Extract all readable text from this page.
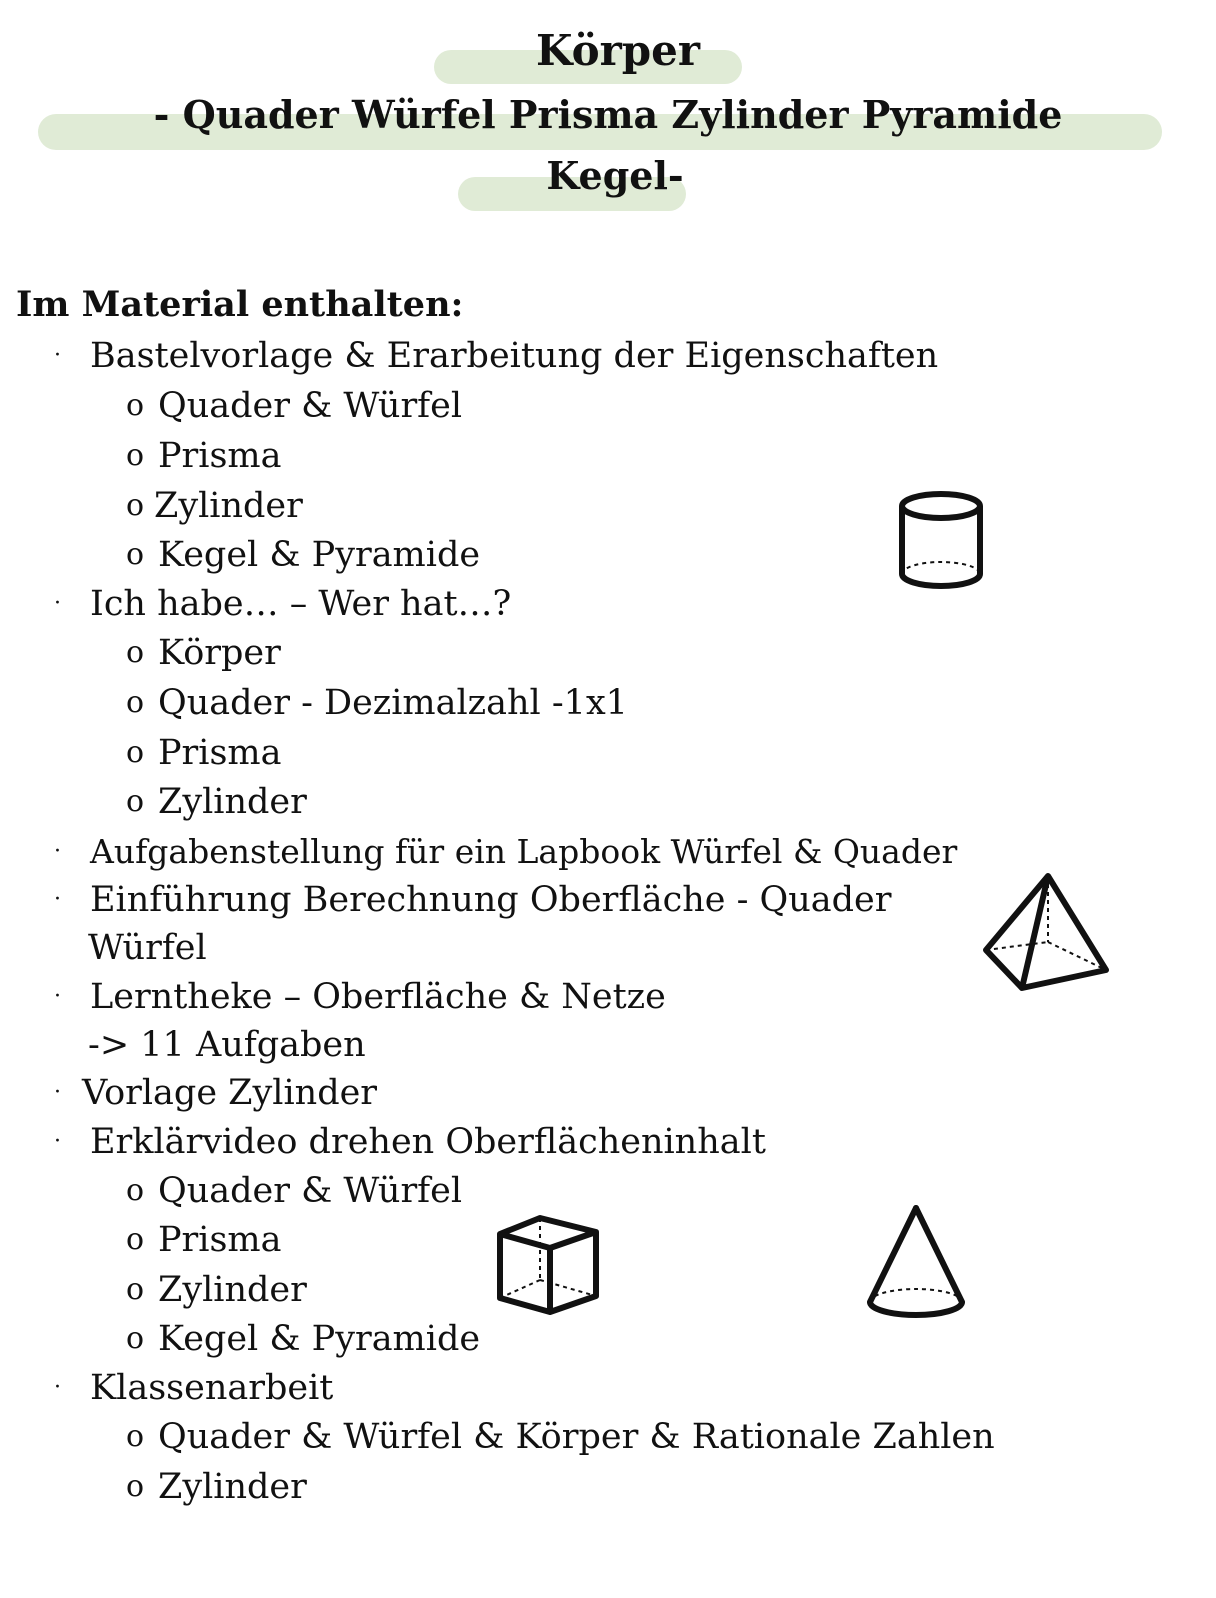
Körper
- Quader Würfel Prisma Zylinder Pyramide
Kegel-
Im Material enthalten:
· Bastelvorlage & Erarbeitung der Eigenschaften
o Quader & Würfel
o Prisma
o Zylinder
o Kegel & Pyramide
· Ich habe… – Wer hat…?
o Körper
o Quader - Dezimalzahl -1x1
o Prisma
o Zylinder
· Aufgabenstellung für ein Lapbook Würfel & Quader
· Einführung Berechnung Oberfläche - Quader
Würfel
· Lerntheke – Oberfläche & Netze
-> 11 Aufgaben
· Vorlage Zylinder
· Erklärvideo drehen Oberflächeninhalt
o Quader & Würfel
o Prisma
o Zylinder
o Kegel & Pyramide
· Klassenarbeit
o Quader & Würfel & Körper & Rationale Zahlen
o Zylinder
